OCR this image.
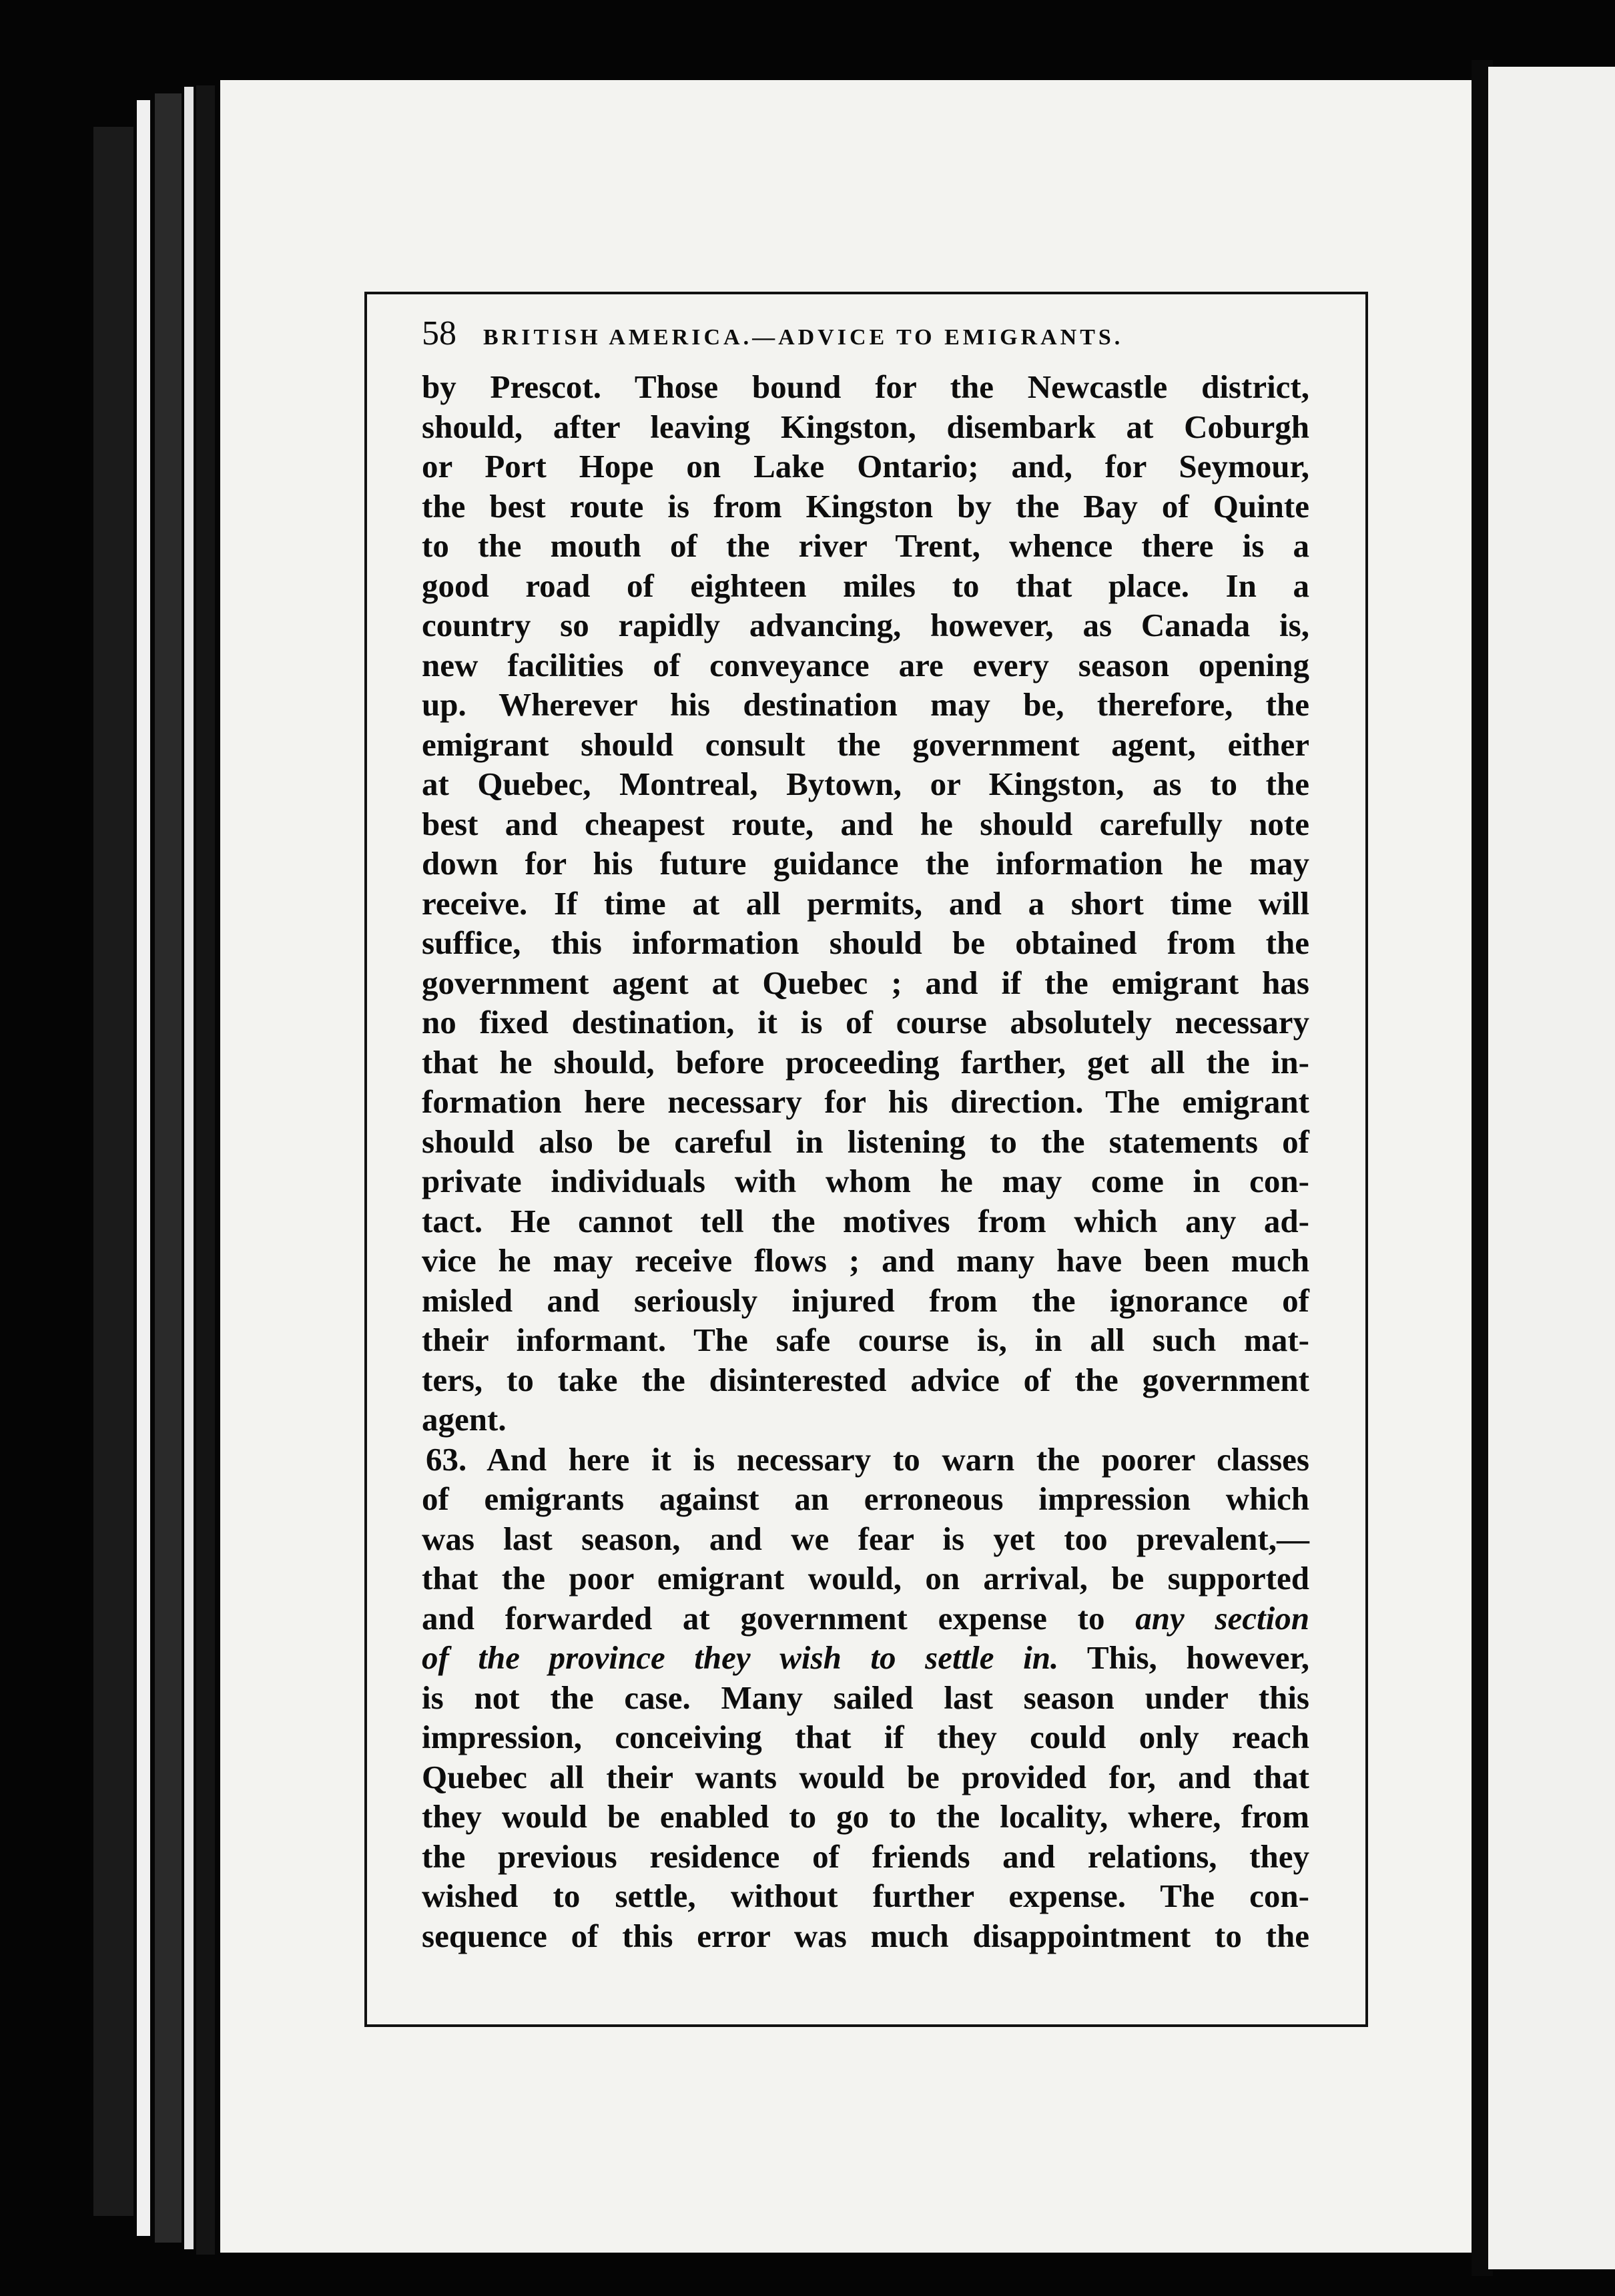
58 BRITISH AMERICA.—ADVICE TO EMIGRANTS.
by Prescot. Those bound for the Newcastle district,
should, after leaving Kingston, disembark at Coburgh
or Port Hope on Lake Ontario; and, for Seymour,
the best route is from Kingston by the Bay of Quinte
to the mouth of the river Trent, whence there is a
good road of eighteen miles to that place. In a
country so rapidly advancing, however, as Canada is,
new facilities of conveyance are every season opening
up. Wherever his destination may be, therefore, the
emigrant should consult the government agent, either
at Quebec, Montreal, Bytown, or Kingston, as to the
best and cheapest route, and he should carefully note
down for his future guidance the information he may
receive. If time at all permits, and a short time will
suffice, this information should be obtained from the
government agent at Quebec ; and if the emigrant has
no fixed destination, it is of course absolutely necessary
that he should, before proceeding farther, get all the in-
formation here necessary for his direction. The emigrant
should also be careful in listening to the statements of
private individuals with whom he may come in con-
tact. He cannot tell the motives from which any ad-
vice he may receive flows ; and many have been much
misled and seriously injured from the ignorance of
their informant. The safe course is, in all such mat-
ters, to take the disinterested advice of the government
agent.
63. And here it is necessary to warn the poorer classes
of emigrants against an erroneous impression which
was last season, and we fear is yet too prevalent,—
that the poor emigrant would, on arrival, be supported
and forwarded at government expense to any section
of the province they wish to settle in. This, however,
is not the case. Many sailed last season under this
impression, conceiving that if they could only reach
Quebec all their wants would be provided for, and that
they would be enabled to go to the locality, where, from
the previous residence of friends and relations, they
wished to settle, without further expense. The con-
sequence of this error was much disappointment to the
